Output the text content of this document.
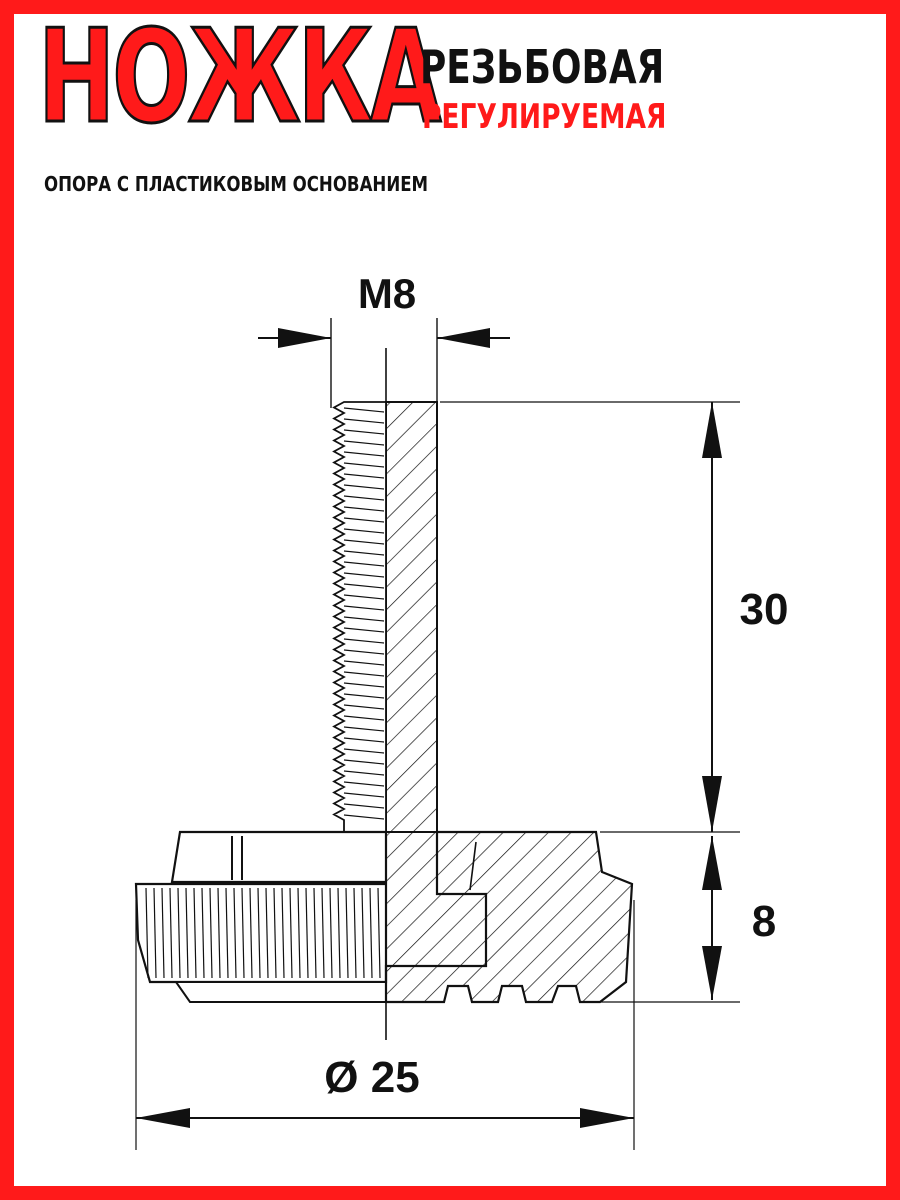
НОЖКА
РЕЗЬБОВАЯ
РЕГУЛИРУЕМАЯ
ОПОРА С ПЛАСТИКОВЫМ ОСНОВАНИЕМ
M8
30
8
Ø 25
